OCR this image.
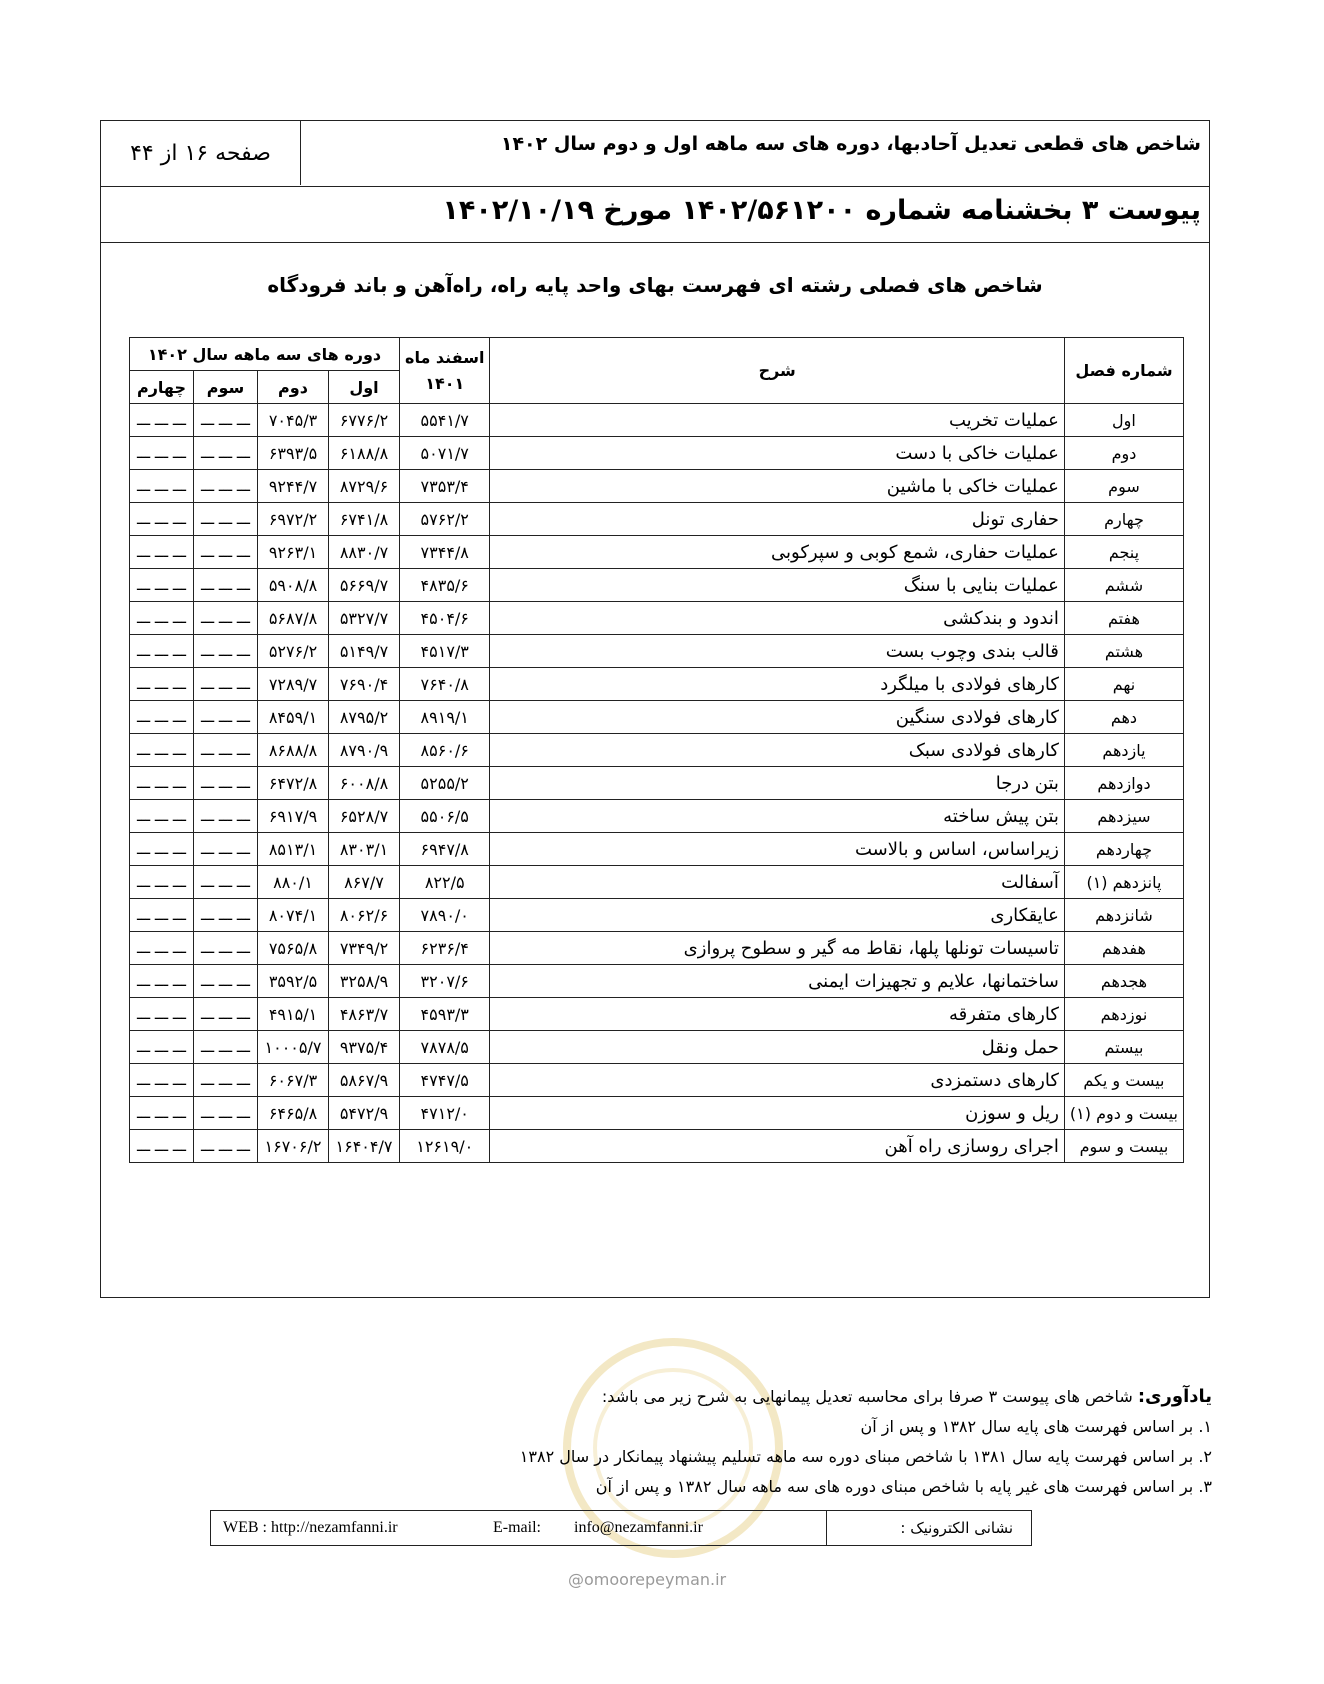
شاخص های قطعی تعدیل آحادبها، دوره های سه ماهه اول و دوم سال ۱۴۰۲
صفحه ۱۶ از ۴۴
پیوست ۳ بخشنامه شماره ۱۴۰۲/۵۶۱۲۰۰ مورخ ۱۴۰۲/۱۰/۱۹
شاخص های فصلی رشته ای فهرست بهای واحد پایه راه، راه‌آهن و باند فرودگاه
شماره فصل	شرح	اسفند ماه
۱۴۰۱	دوره های سه ماهه سال ۱۴۰۲			
			اول	دوم	سوم	چهارم
اول	عملیات تخریب	۵۵۴۱/۷	۶۷۷۶/۲	۷۰۴۵/۳	ـــ ـــ ـــ	ـــ ـــ ـــ
دوم	عملیات خاکی با دست	۵۰۷۱/۷	۶۱۸۸/۸	۶۳۹۳/۵	ـــ ـــ ـــ	ـــ ـــ ـــ
سوم	عملیات خاکی با ماشین	۷۳۵۳/۴	۸۷۲۹/۶	۹۲۴۴/۷	ـــ ـــ ـــ	ـــ ـــ ـــ
چهارم	حفاری تونل	۵۷۶۲/۲	۶۷۴۱/۸	۶۹۷۲/۲	ـــ ـــ ـــ	ـــ ـــ ـــ
پنجم	عملیات حفاری، شمع کوبی و سپرکوبی	۷۳۴۴/۸	۸۸۳۰/۷	۹۲۶۳/۱	ـــ ـــ ـــ	ـــ ـــ ـــ
ششم	عملیات بنایی با سنگ	۴۸۳۵/۶	۵۶۶۹/۷	۵۹۰۸/۸	ـــ ـــ ـــ	ـــ ـــ ـــ
هفتم	اندود و بندکشی	۴۵۰۴/۶	۵۳۲۷/۷	۵۶۸۷/۸	ـــ ـــ ـــ	ـــ ـــ ـــ
هشتم	قالب بندی وچوب بست	۴۵۱۷/۳	۵۱۴۹/۷	۵۲۷۶/۲	ـــ ـــ ـــ	ـــ ـــ ـــ
نهم	کارهای فولادی با میلگرد	۷۶۴۰/۸	۷۶۹۰/۴	۷۲۸۹/۷	ـــ ـــ ـــ	ـــ ـــ ـــ
دهم	کارهای فولادی سنگین	۸۹۱۹/۱	۸۷۹۵/۲	۸۴۵۹/۱	ـــ ـــ ـــ	ـــ ـــ ـــ
یازدهم	کارهای فولادی سبک	۸۵۶۰/۶	۸۷۹۰/۹	۸۶۸۸/۸	ـــ ـــ ـــ	ـــ ـــ ـــ
دوازدهم	بتن درجا	۵۲۵۵/۲	۶۰۰۸/۸	۶۴۷۲/۸	ـــ ـــ ـــ	ـــ ـــ ـــ
سیزدهم	بتن پیش ساخته	۵۵۰۶/۵	۶۵۲۸/۷	۶۹۱۷/۹	ـــ ـــ ـــ	ـــ ـــ ـــ
چهاردهم	زیراساس، اساس و بالاست	۶۹۴۷/۸	۸۳۰۳/۱	۸۵۱۳/۱	ـــ ـــ ـــ	ـــ ـــ ـــ
پانزدهم (۱)	آسفالت	۸۲۲/۵	۸۶۷/۷	۸۸۰/۱	ـــ ـــ ـــ	ـــ ـــ ـــ
شانزدهم	عایقکاری	۷۸۹۰/۰	۸۰۶۲/۶	۸۰۷۴/۱	ـــ ـــ ـــ	ـــ ـــ ـــ
هفدهم	تاسیسات تونلها پلها، نقاط مه گیر و سطوح پروازی	۶۲۳۶/۴	۷۳۴۹/۲	۷۵۶۵/۸	ـــ ـــ ـــ	ـــ ـــ ـــ
هجدهم	ساختمانها، علایم و تجهیزات ایمنی	۳۲۰۷/۶	۳۲۵۸/۹	۳۵۹۲/۵	ـــ ـــ ـــ	ـــ ـــ ـــ
نوزدهم	کارهای متفرقه	۴۵۹۳/۳	۴۸۶۳/۷	۴۹۱۵/۱	ـــ ـــ ـــ	ـــ ـــ ـــ
بیستم	حمل ونقل	۷۸۷۸/۵	۹۳۷۵/۴	۱۰۰۰۵/۷	ـــ ـــ ـــ	ـــ ـــ ـــ
بیست و یکم	کارهای دستمزدی	۴۷۴۷/۵	۵۸۶۷/۹	۶۰۶۷/۳	ـــ ـــ ـــ	ـــ ـــ ـــ
بیست و دوم (۱)	ریل و سوزن	۴۷۱۲/۰	۵۴۷۲/۹	۶۴۶۵/۸	ـــ ـــ ـــ	ـــ ـــ ـــ
بیست و سوم	اجرای روسازی راه آهن	۱۲۶۱۹/۰	۱۶۴۰۴/۷	۱۶۷۰۶/۲	ـــ ـــ ـــ	ـــ ـــ ـــ
یادآوری: شاخص های پیوست ۳ صرفا برای محاسبه تعدیل پیمانهایی به شرح زیر می باشد:
۱. بر اساس فهرست های پایه سال ۱۳۸۲ و پس از آن
۲. بر اساس فهرست پایه سال ۱۳۸۱ با شاخص مبنای دوره سه ماهه تسلیم پیشنهاد پیمانکار در سال ۱۳۸۲
۳. بر اساس فهرست های غیر پایه با شاخص مبنای دوره های سه ماهه سال ۱۳۸۲ و پس از آن
WEB : http://nezamfanni.ir	E-mail: info@nezamfanni.ir	نشانی الکترونیک :
@omoorepeyman.ir
